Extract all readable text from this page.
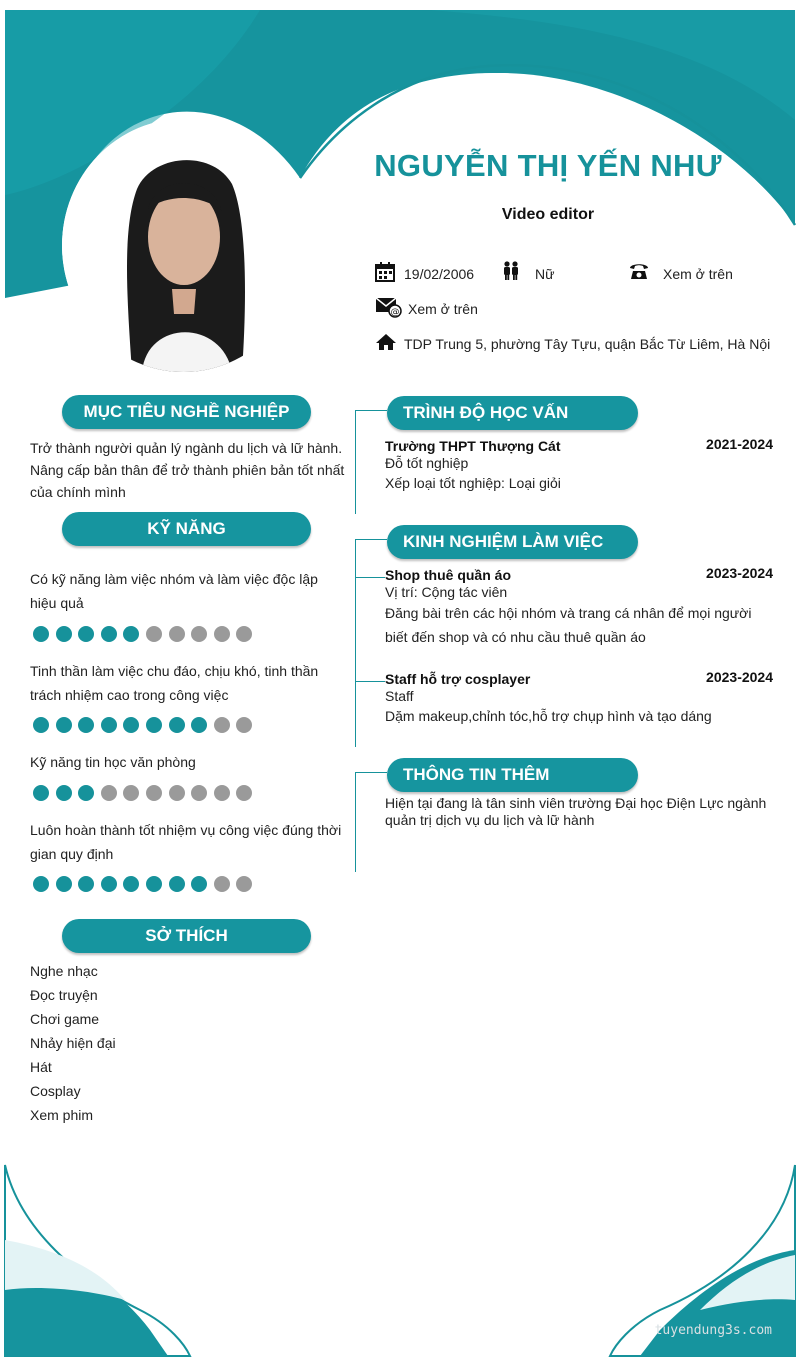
NGUYỄN THỊ YẾN NHƯ
Video editor
19/02/2006	Nữ	Xem ở trên
@ Xem ở trên
TDP Trung 5, phường Tây Tựu, quận Bắc Từ Liêm, Hà Nội
MỤC TIÊU NGHỀ NGHIỆP
Trở thành người quản lý ngành du lịch và lữ hành. Nâng cấp bản thân để trở thành phiên bản tốt nhất của chính mình
KỸ NĂNG
Có kỹ năng làm việc nhóm và làm việc độc lập hiệu quả
Tinh thần làm việc chu đáo, chịu khó, tinh thần trách nhiệm cao trong công việc
Kỹ năng tin học văn phòng
Luôn hoàn thành tốt nhiệm vụ công việc đúng thời gian quy định
SỞ THÍCH
Nghe nhạc
Đọc truyện
Chơi game
Nhảy hiện đại
Hát
Cosplay
Xem phim
TRÌNH ĐỘ HỌC VẤN
Trường THPT Thượng Cát	2021-2024
Đỗ tốt nghiệp
Xếp loại tốt nghiệp: Loại giỏi
KINH NGHIỆM LÀM VIỆC
Shop thuê quần áo	2023-2024
Vị trí: Cộng tác viên
Đăng bài trên các hội nhóm và trang cá nhân để mọi người biết đến shop và có nhu cầu thuê quần áo
Staff hỗ trợ cosplayer	2023-2024
Staff
Dặm makeup,chỉnh tóc,hỗ trợ chụp hình và tạo dáng
THÔNG TIN THÊM
Hiện tại đang là tân sinh viên trường Đại học Điện Lực ngành quản trị dịch vụ du lịch và lữ hành
tuyendung3s.com
